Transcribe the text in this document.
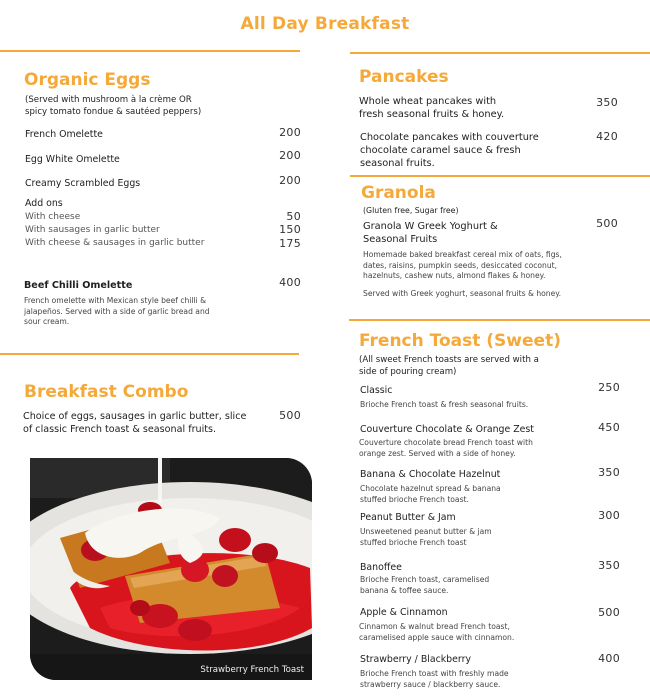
All Day Breakfast
Organic Eggs
(Served with mushroom à la crème OR
spicy tomato fondue & sautéed peppers)
French Omelette	200
Egg White Omelette	200
Creamy Scrambled Eggs	200
Add ons
With cheese	50
With sausages in garlic butter	150
With cheese & sausages in garlic butter	175
Beef Chilli Omelette	400
French omelette with Mexican style beef chilli &
jalapeños. Served with a side of garlic bread and
sour cream.
Breakfast Combo
Choice of eggs, sausages in garlic butter, slice
of classic French toast & seasonal fruits.
500
Strawberry French Toast
Pancakes
Whole wheat pancakes with
fresh seasonal fruits & honey.
350
Chocolate pancakes with couverture
chocolate caramel sauce & fresh
seasonal fruits.
420
Granola
(Gluten free, Sugar free)
Granola W Greek Yoghurt &
Seasonal Fruits
500
Homemade baked breakfast cereal mix of oats, figs,
dates, raisins, pumpkin seeds, desiccated coconut,
hazelnuts, cashew nuts, almond flakes & honey.
Served with Greek yoghurt, seasonal fruits & honey.
French Toast (Sweet)
(All sweet French toasts are served with a
side of pouring cream)
Classic	250
Brioche French toast & fresh seasonal fruits.
Couverture Chocolate & Orange Zest	450
Couverture chocolate bread French toast with
orange zest. Served with a side of honey.
Banana & Chocolate Hazelnut	350
Chocolate hazelnut spread & banana
stuffed brioche French toast.
Peanut Butter & Jam	300
Unsweetened peanut butter & jam
stuffed brioche French toast
Banoffee	350
Brioche French toast, caramelised
banana & toffee sauce.
Apple & Cinnamon	500
Cinnamon & walnut bread French toast,
caramelised apple sauce with cinnamon.
Strawberry / Blackberry	400
Brioche French toast with freshly made
strawberry sauce / blackberry sauce.
